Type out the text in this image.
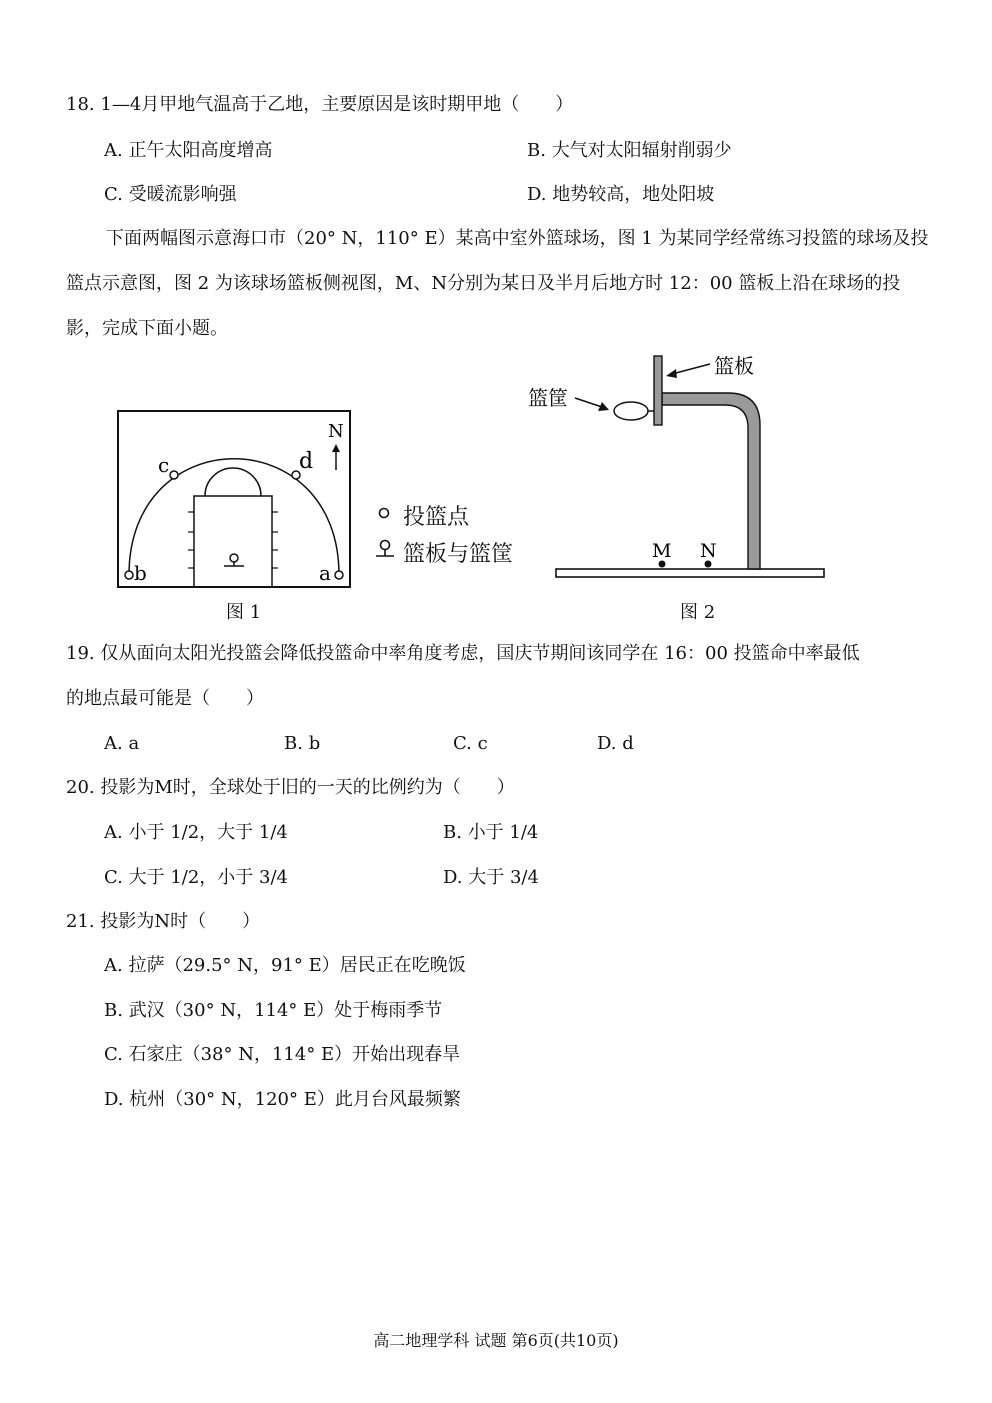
18. 1—4月甲地气温高于乙地，主要原因是该时期甲地（　　）
A. 正午太阳高度增高	B. 大气对太阳辐射削弱少
C. 受暖流影响强	D. 地势较高，地处阳坡
下面两幅图示意海口市（20° N，110° E）某高中室外篮球场，图 1 为某同学经常练习投篮的球场及投篮点示意图，图 2 为该球场篮板侧视图，M、N分别为某日及半月后地方时 12：00 篮板上沿在球场的投影，完成下面小题。
b	a
c	d
N
投篮点
篮板与篮筐
篮板
篮筐
M N
图 1	图 2
19. 仅从面向太阳光投篮会降低投篮命中率角度考虑，国庆节期间该同学在 16：00 投篮命中率最低
的地点最可能是（　　）
A. a	B. b	C. c	D. d
20. 投影为M时，全球处于旧的一天的比例约为（　　）
A. 小于 1/2，大于 1/4	B. 小于 1/4
C. 大于 1/2，小于 3/4	D. 大于 3/4
21. 投影为N时（　　）
A. 拉萨（29.5° N，91° E）居民正在吃晚饭
B. 武汉（30° N，114° E）处于梅雨季节
C. 石家庄（38° N，114° E）开始出现春旱
D. 杭州（30° N，120° E）此月台风最频繁
高二地理学科 试题 第6页(共10页)
